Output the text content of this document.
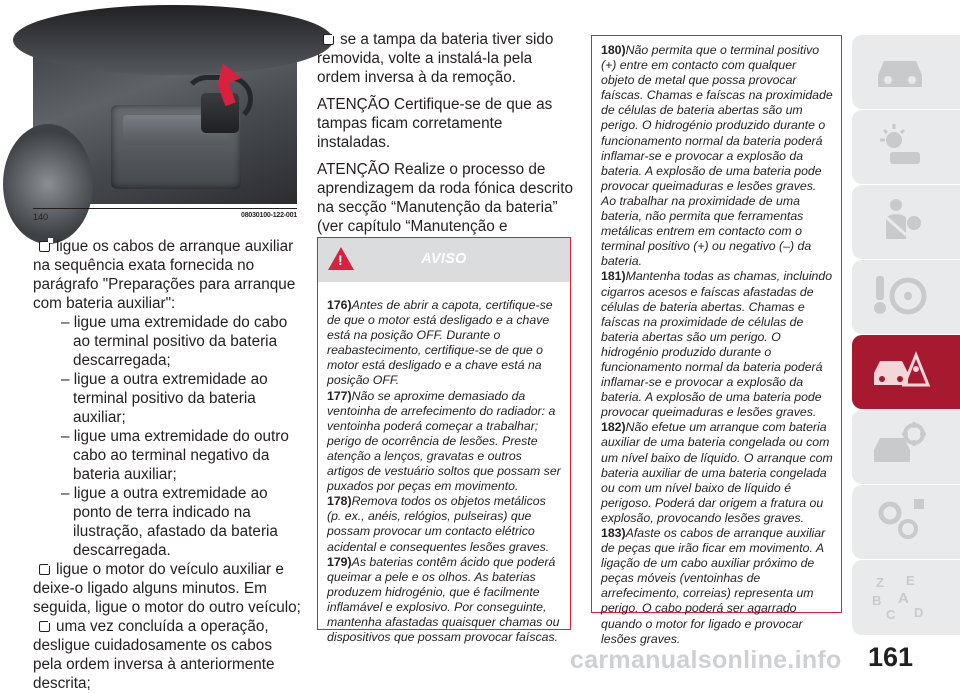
140	08030100-122-001

ligue os cabos de arranque auxiliar na sequência exata fornecida no parágrafo "Preparações para arranque com bateria auxiliar":

– ligue uma extremidade do cabo ao terminal positivo da bateria descarregada;

– ligue a outra extremidade ao terminal positivo da bateria auxiliar;

– ligue uma extremidade do outro cabo ao terminal negativo da bateria auxiliar;

– ligue a outra extremidade ao ponto de terra indicado na ilustração, afastado da bateria descarregada.

ligue o motor do veículo auxiliar e deixe-o ligado alguns minutos. Em seguida, ligue o motor do outro veículo;

uma vez concluída a operação, desligue cuidadosamente os cabos pela ordem inversa à anteriormente descrita;

se a tampa da bateria tiver sido removida, volte a instalá-la pela ordem inversa à da remoção.

ATENÇÃO Certifique-se de que as tampas ficam corretamente instaladas.

ATENÇÃO Realize o processo de aprendizagem da roda fónica descrito na secção “Manutenção da bateria” (ver capítulo “Manutenção e

!	AVISO

176)Antes de abrir a capota, certifique-se de que o motor está desligado e a chave está na posição OFF. Durante o reabastecimento, certifique-se de que o motor está desligado e a chave está na posição OFF.

177)Não se aproxime demasiado da ventoinha de arrefecimento do radiador: a ventoinha poderá começar a trabalhar; perigo de ocorrência de lesões. Preste atenção a lenços, gravatas e outros artigos de vestuário soltos que possam ser puxados por peças em movimento.

178)Remova todos os objetos metálicos (p. ex., anéis, relógios, pulseiras) que possam provocar um contacto elétrico acidental e consequentes lesões graves.

179)As baterias contêm ácido que poderá queimar a pele e os olhos. As baterias produzem hidrogénio, que é facilmente inflamável e explosivo. Por conseguinte, mantenha afastadas quaisquer chamas ou dispositivos que possam provocar faíscas.

180)Não permita que o terminal positivo (+) entre em contacto com qualquer objeto de metal que possa provocar faíscas. Chamas e faíscas na proximidade de células de bateria abertas são um perigo. O hidrogénio produzido durante o funcionamento normal da bateria poderá inflamar-se e provocar a explosão da bateria. A explosão de uma bateria pode provocar queimaduras e lesões graves. Ao trabalhar na proximidade de uma bateria, não permita que ferramentas metálicas entrem em contacto com o terminal positivo (+) ou negativo (–) da bateria.

181)Mantenha todas as chamas, incluindo cigarros acesos e faíscas afastadas de células de bateria abertas. Chamas e faíscas na proximidade de células de bateria abertas são um perigo. O hidrogénio produzido durante o funcionamento normal da bateria poderá inflamar-se e provocar a explosão da bateria. A explosão de uma bateria pode provocar queimaduras e lesões graves.

182)Não efetue um arranque com bateria auxiliar de uma bateria congelada ou com um nível baixo de líquido. O arranque com bateria auxiliar de uma bateria congelada ou com um nível baixo de líquido é perigoso. Poderá dar origem a fratura ou explosão, provocando lesões graves.

183)Afaste os cabos de arranque auxiliar de peças que irão ficar em movimento. A ligação de um cabo auxiliar próximo de peças móveis (ventoinhas de arrefecimento, correias) representa um perigo. O cabo poderá ser agarrado quando o motor for ligado e provocar lesões graves.

Z E
B A
C D
carmanualsonline.info 161
